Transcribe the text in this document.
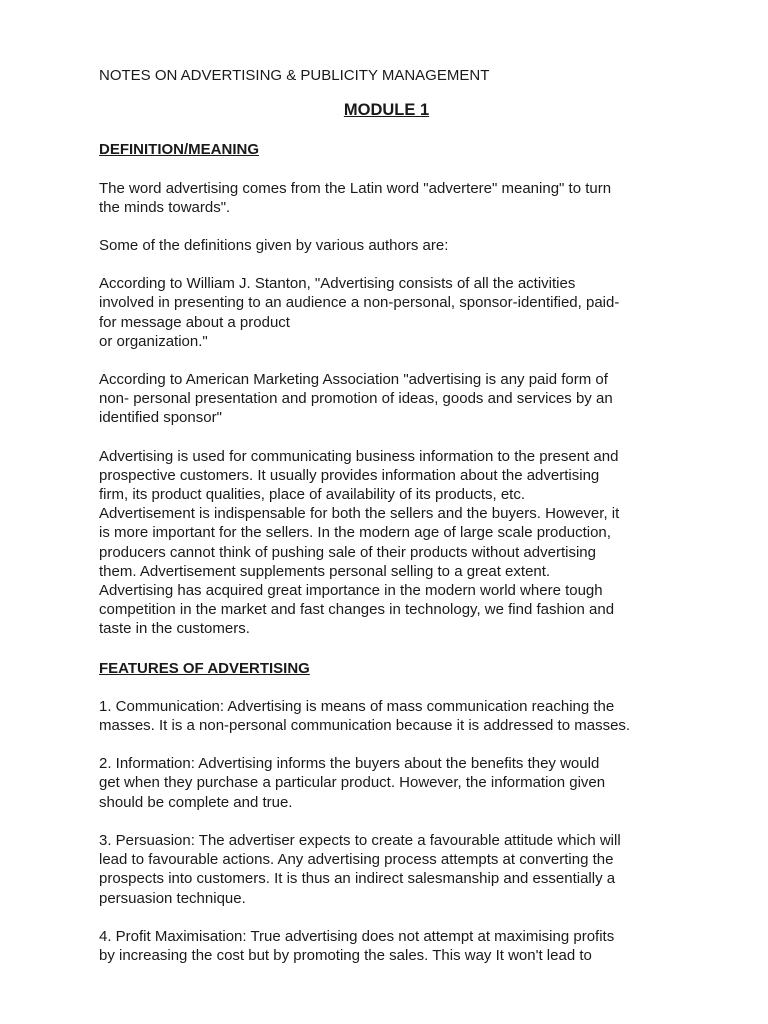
NOTES ON ADVERTISING & PUBLICITY MANAGEMENT

MODULE 1

DEFINITION/MEANING

The word advertising comes from the Latin word "advertere" meaning" to turn
the minds towards".

Some of the definitions given by various authors are:

According to William J. Stanton, "Advertising consists of all the activities
involved in presenting to an audience a non-personal, sponsor-identified, paid-
for message about a product
or organization."

According to American Marketing Association "advertising is any paid form of
non- personal presentation and promotion of ideas, goods and services by an
identified sponsor"

Advertising is used for communicating business information to the present and
prospective customers. It usually provides information about the advertising
firm, its product qualities, place of availability of its products, etc.
Advertisement is indispensable for both the sellers and the buyers. However, it
is more important for the sellers. In the modern age of large scale production,
producers cannot think of pushing sale of their products without advertising
them. Advertisement supplements personal selling to a great extent.
Advertising has acquired great importance in the modern world where tough
competition in the market and fast changes in technology, we find fashion and
taste in the customers.

FEATURES OF ADVERTISING

1. Communication: Advertising is means of mass communication reaching the
masses. It is a non-personal communication because it is addressed to masses.

2. Information: Advertising informs the buyers about the benefits they would
get when they purchase a particular product. However, the information given
should be complete and true.

3. Persuasion: The advertiser expects to create a favourable attitude which will
lead to favourable actions. Any advertising process attempts at converting the
prospects into customers. It is thus an indirect salesmanship and essentially a
persuasion technique.

4. Profit Maximisation: True advertising does not attempt at maximising profits
by increasing the cost but by promoting the sales. This way It won't lead to
